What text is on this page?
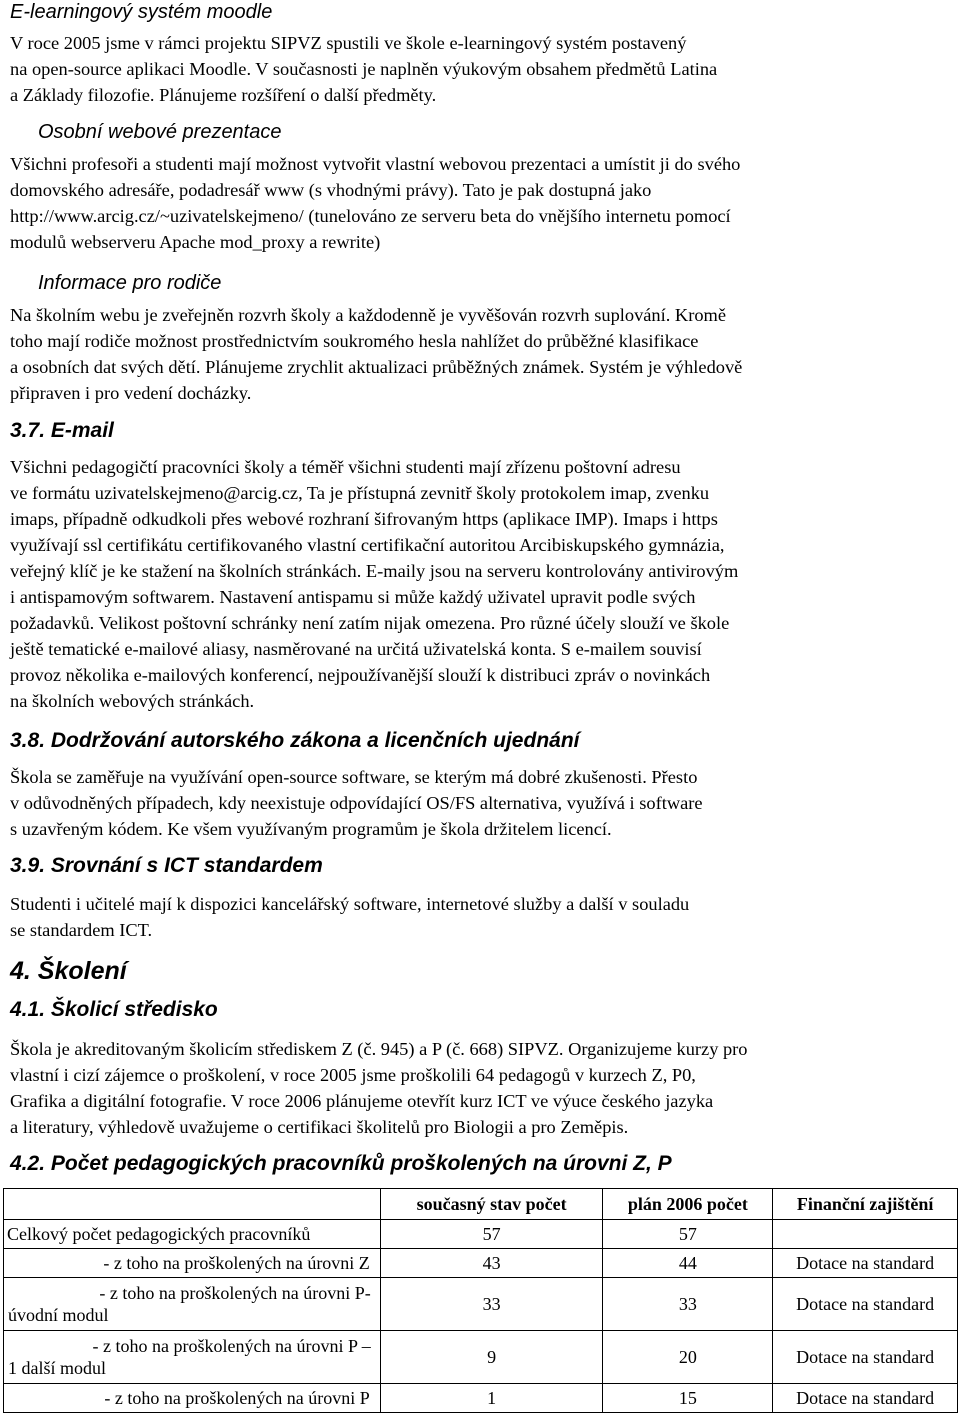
E-learningový systém moodle

V roce 2005 jsme v rámci projektu SIPVZ spustili ve škole e-learningový systém postavený
na open-source aplikaci Moodle. V současnosti je naplněn výukovým obsahem předmětů Latina
a Základy filozofie. Plánujeme rozšíření o další předměty.

Osobní webové prezentace

Všichni profesoři a studenti mají možnost vytvořit vlastní webovou prezentaci a umístit ji do svého
domovského adresáře, podadresář www (s vhodnými právy). Tato je pak dostupná jako
http://www.arcig.cz/~uzivatelskejmeno/ (tunelováno ze serveru beta do vnějšího internetu pomocí
modulů webserveru Apache mod_proxy a rewrite)

Informace pro rodiče

Na školním webu je zveřejněn rozvrh školy a každodenně je vyvěšován rozvrh suplování. Kromě
toho mají rodiče možnost prostřednictvím soukromého hesla nahlížet do průběžné klasifikace
a osobních dat svých dětí. Plánujeme zrychlit aktualizaci průběžných známek. Systém je výhledově
připraven i pro vedení docházky.

3.7. E-mail

Všichni pedagogičtí pracovníci školy a téměř všichni studenti mají zřízenu poštovní adresu
ve formátu uzivatelskejmeno@arcig.cz, Ta je přístupná zevnitř školy protokolem imap, zvenku
imaps, případně odkudkoli přes webové rozhraní šifrovaným https (aplikace IMP). Imaps i https
využívají ssl certifikátu certifikovaného vlastní certifikační autoritou Arcibiskupského gymnázia,
veřejný klíč je ke stažení na školních stránkách. E-maily jsou na serveru kontrolovány antivirovým
i antispamovým softwarem. Nastavení antispamu si může každý uživatel upravit podle svých
požadavků. Velikost poštovní schránky není zatím nijak omezena. Pro různé účely slouží ve škole
ještě tematické e-mailové aliasy, nasměrované na určitá uživatelská konta. S e-mailem souvisí
provoz několika e-mailových konferencí, nejpoužívanější slouží k distribuci zpráv o novinkách
na školních webových stránkách.

3.8. Dodržování autorského zákona a licenčních ujednání

Škola se zaměřuje na využívání open-source software, se kterým má dobré zkušenosti. Přesto
v odůvodněných případech, kdy neexistuje odpovídající OS/FS alternativa, využívá i software
s uzavřeným kódem. Ke všem využívaným programům je škola držitelem licencí.

3.9. Srovnání s ICT standardem

Studenti i učitelé mají k dispozici kancelářský software, internetové služby a další v souladu
se standardem ICT.

4. Školení
4.1. Školicí středisko

Škola je akreditovaným školicím střediskem Z (č. 945) a P (č. 668) SIPVZ. Organizujeme kurzy pro
vlastní i cizí zájemce o proškolení, v roce 2005 jsme proškolili 64 pedagogů v kurzech Z, P0,
Grafika a digitální fotografie. V roce 2006 plánujeme otevřít kurz ICT ve výuce českého jazyka
a literatury, výhledově uvažujeme o certifikaci školitelů pro Biologii a pro Zeměpis.

4.2. Počet pedagogických pracovníků proškolených na úrovni Z, P
	současný stav počet	plán 2006 počet	Finanční zajištění
Celkový počet pedagogických pracovníků	57	57	
- z toho na proškolených na úrovni Z	43	44	Dotace na standard

- z toho na proškolených na úrovni P-
úvodní modul	33	33	Dotace na standard

- z toho na proškolených na úrovni P –
1 další modul	9	20	Dotace na standard
- z toho na proškolených na úrovni P	1	15	Dotace na standard
